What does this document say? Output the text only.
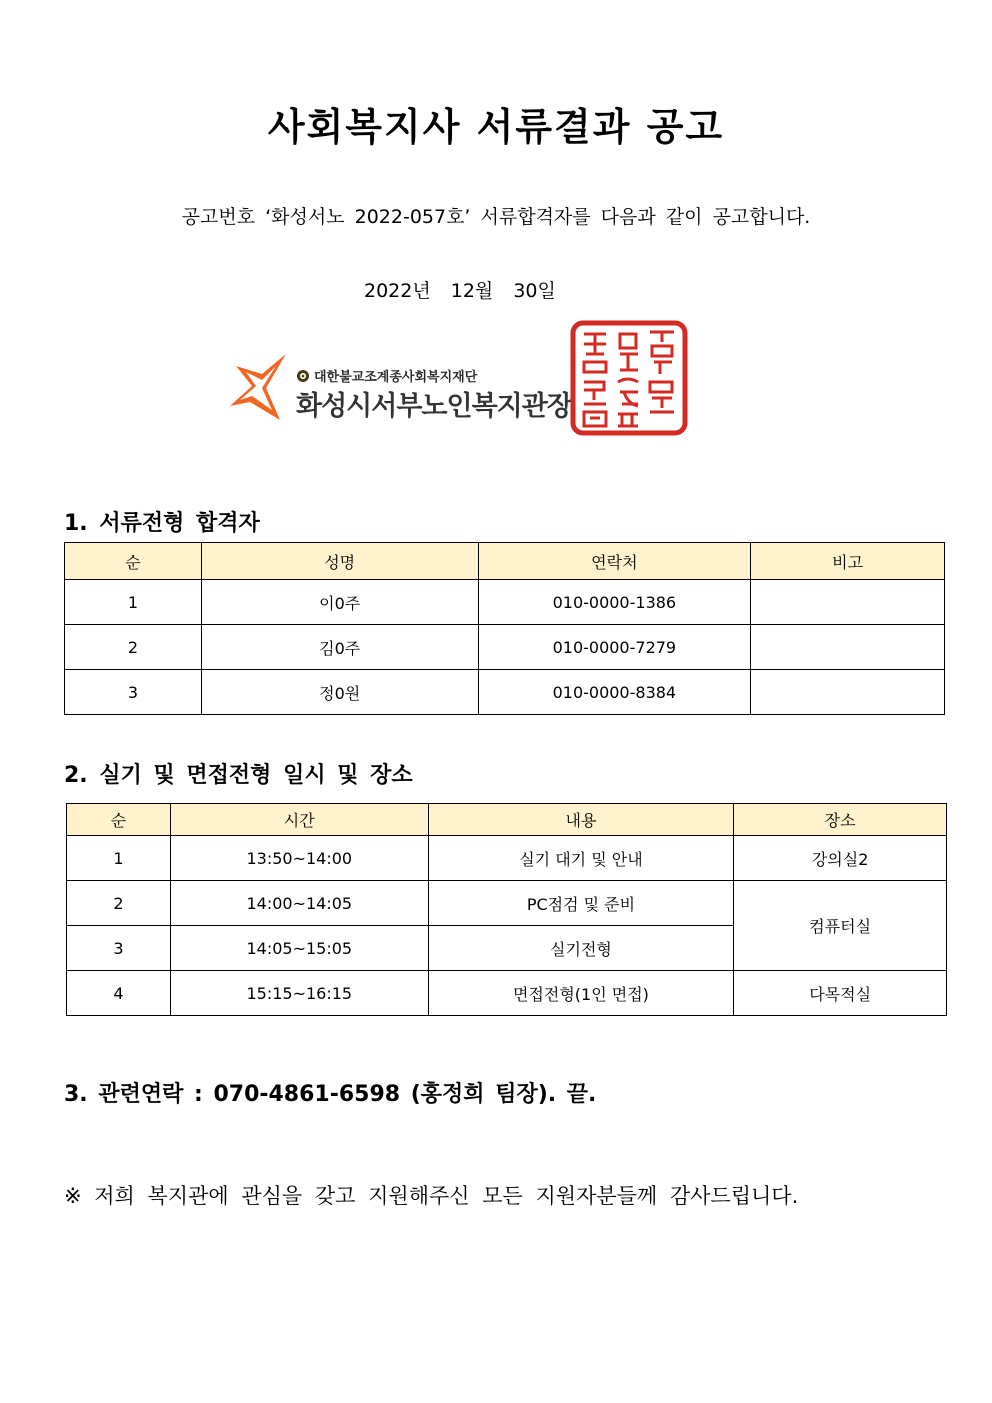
사회복지사 서류결과 공고
공고번호 ‘화성서노 2022-057호’ 서류합격자를 다음과 같이 공고합니다.
2022년 12월 30일
대한불교조계종사회복지재단
화성시서부노인복지관장
1. 서류전형 합격자
순	성명	연락처	비고
1	이0주	010-0000-1386	
2	김0주	010-0000-7279	
3	정0원	010-0000-8384	
2. 실기 및 면접전형 일시 및 장소
순	시간	내용	장소
1	13:50~14:00	실기 대기 및 안내	강의실2
2	14:00~14:05	PC점검 및 준비	컴퓨터실
3	14:05~15:05	실기전형	
4	15:15~16:15	면접전형(1인 면접)	다목적실
3. 관련연락 : 070-4861-6598 (홍정희 팀장). 끝.
※ 저희 복지관에 관심을 갖고 지원해주신 모든 지원자분들께 감사드립니다.
